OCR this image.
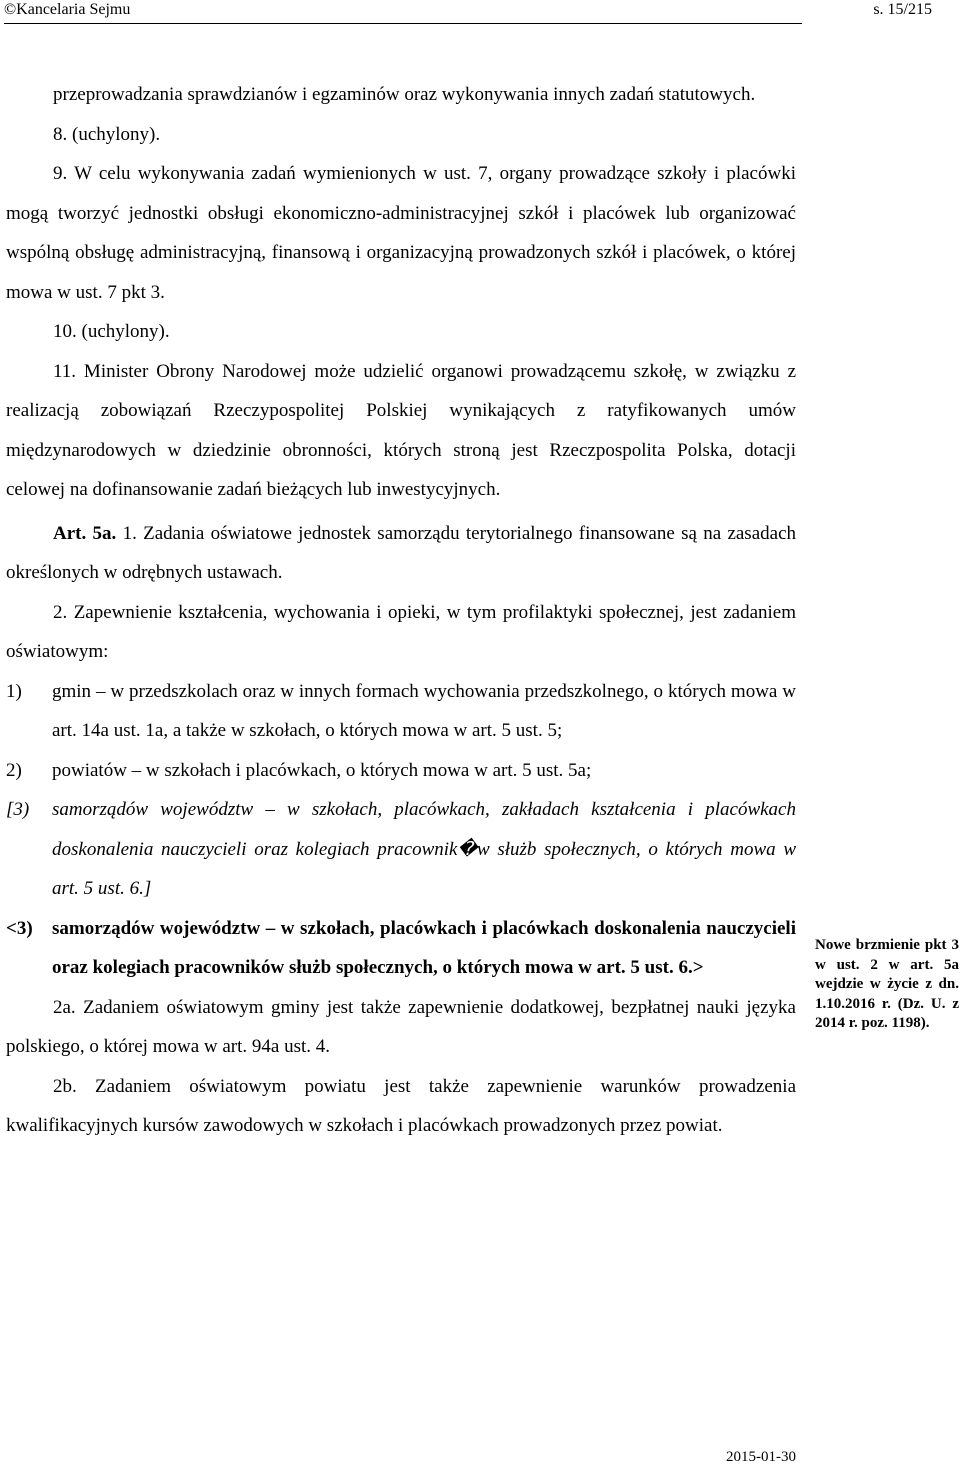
©Kancelaria Sejmu	s. 15/215

przeprowadzania sprawdzianów i egzaminów oraz wykonywania innych zadań statutowych.

8. (uchylony).

9. W celu wykonywania zadań wymienionych w ust. 7, organy prowadzące szkoły i placówki mogą tworzyć jednostki obsługi ekonomiczno-administracyjnej szkół i placówek lub organizować wspólną obsługę administracyjną, finansową i organizacyjną prowadzonych szkół i placówek, o której mowa w ust. 7 pkt 3.

10. (uchylony).

11. Minister Obrony Narodowej może udzielić organowi prowadzącemu szkołę, w związku z realizacją zobowiązań Rzeczypospolitej Polskiej wynikających z ratyfikowanych umów międzynarodowych w dziedzinie obronności, których stroną jest Rzeczpospolita Polska, dotacji celowej na dofinansowanie zadań bieżących lub inwestycyjnych.

Art. 5a. 1. Zadania oświatowe jednostek samorządu terytorialnego finansowane są na zasadach określonych w odrębnych ustawach.

2. Zapewnienie kształcenia, wychowania i opieki, w tym profilaktyki społecznej, jest zadaniem oświatowym:

1) gmin – w przedszkolach oraz w innych formach wychowania przedszkolnego, o których mowa w art. 14a ust. 1a, a także w szkołach, o których mowa w art. 5 ust. 5;
2) powiatów – w szkołach i placówkach, o których mowa w art. 5 ust. 5a;
[3) samorządów województw – w szkołach, placówkach, zakładach kształcenia i placówkach doskonalenia nauczycieli oraz kolegiach pracownik�w służb społecznych, o których mowa w art. 5 ust. 6.]
<3) samorządów województw – w szkołach, placówkach i placówkach doskonalenia nauczycieli oraz kolegiach pracowników służb społecznych, o których mowa w art. 5 ust. 6.>

2a. Zadaniem oświatowym gminy jest także zapewnienie dodatkowej, bezpłatnej nauki języka polskiego, o której mowa w art. 94a ust. 4.

2b. Zadaniem oświatowym powiatu jest także zapewnienie warunków prowadzenia kwalifikacyjnych kursów zawodowych w szkołach i placówkach prowadzonych przez powiat.

Nowe brzmienie pkt 3 w ust. 2 w art. 5a wejdzie w życie z dn. 1.10.2016 r. (Dz. U. z 2014 r. poz. 1198).
2015-01-30
